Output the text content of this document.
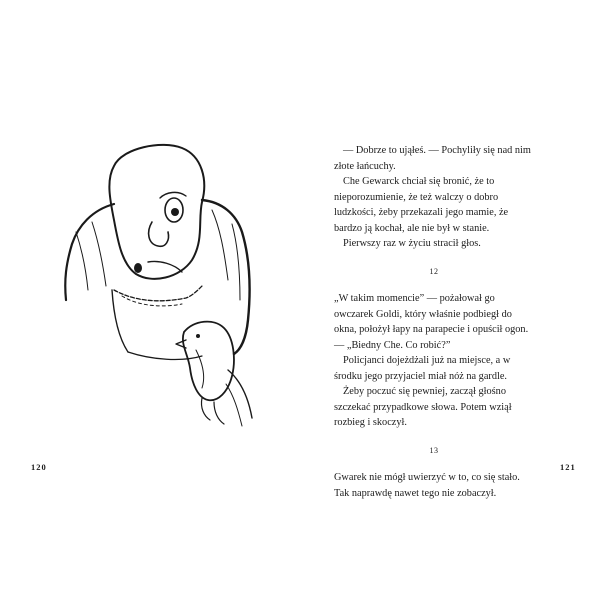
— Dobrze to ująłeś. — Pochyliły się nad nim złote łańcuchy.

Che Gewarck chciał się bronić, że to nieporozumienie, że też walczy o dobro ludzkości, żeby przekazali jego mamie, że bardzo ją kochał, ale nie był w stanie.

Pierwszy raz w życiu stracił głos.

12

„W takim momencie” — pożałował go owczarek Goldi, który właśnie podbiegł do okna, położył łapy na parapecie i opuścił ogon. — „Biedny Che. Co robić?”

Policjanci dojeżdżali już na miejsce, a w środku jego przyjaciel miał nóż na gardle.

Żeby poczuć się pewniej, zaczął głośno szczekać przypadkowe słowa. Potem wziął rozbieg i skoczył.

13

Gwarek nie mógł uwierzyć w to, co się stało. Tak naprawdę nawet tego nie zobaczył.

120	121
